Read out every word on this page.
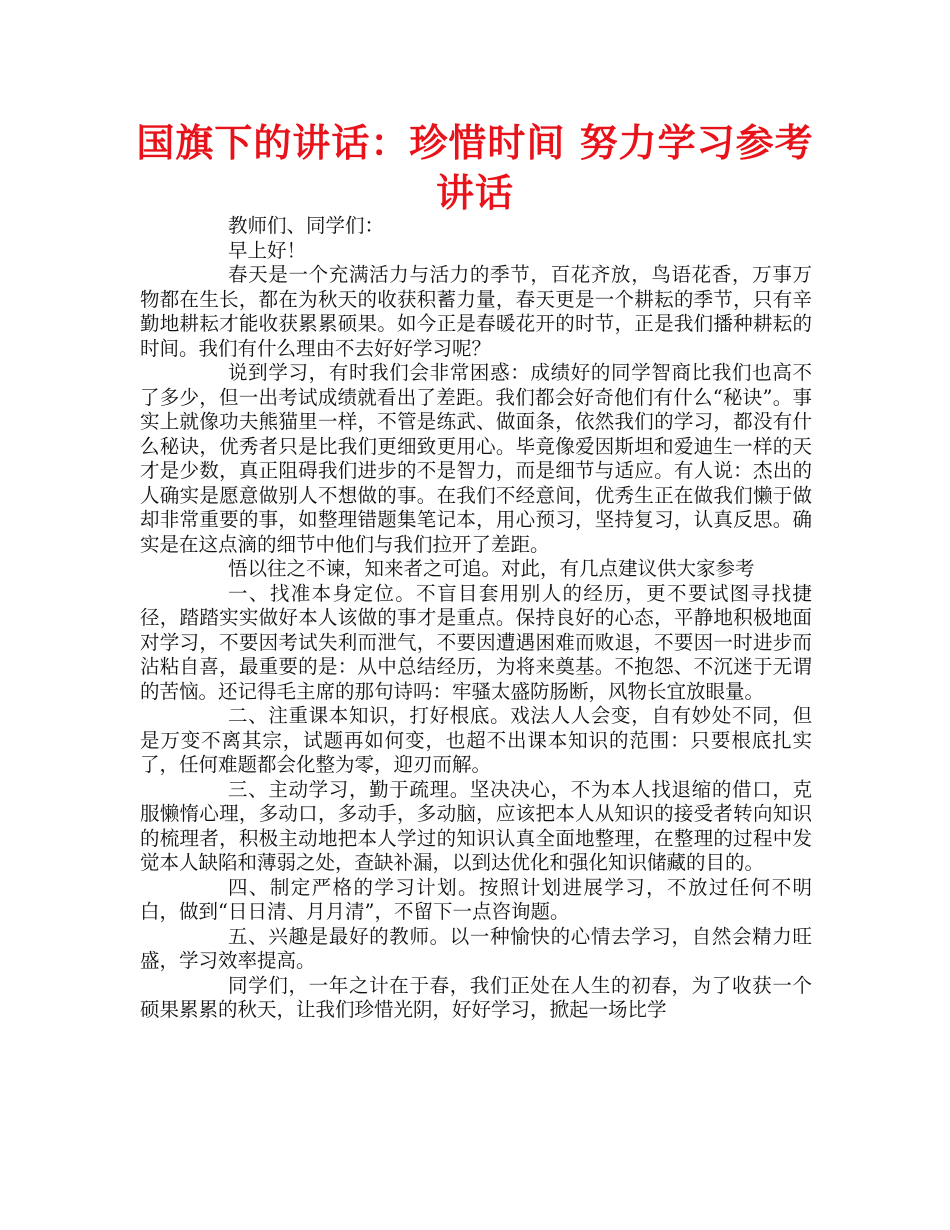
国旗下的讲话：珍惜时间 努力学习参考讲话

教师们、同学们：

早上好！

春天是一个充满活力与活力的季节，百花齐放，鸟语花香，万事万物都在生长，都在为秋天的收获积蓄力量，春天更是一个耕耘的季节，只有辛勤地耕耘才能收获累累硕果。如今正是春暖花开的时节，正是我们播种耕耘的时间。我们有什么理由不去好好学习呢？

说到学习，有时我们会非常困惑：成绩好的同学智商比我们也高不了多少，但一出考试成绩就看出了差距。我们都会好奇他们有什么“秘诀”。事实上就像功夫熊猫里一样，不管是练武、做面条，依然我们的学习，都没有什么秘诀，优秀者只是比我们更细致更用心。毕竟像爱因斯坦和爱迪生一样的天才是少数，真正阻碍我们进步的不是智力，而是细节与适应。有人说：杰出的人确实是愿意做别人不想做的事。在我们不经意间，优秀生正在做我们懒于做却非常重要的事，如整理错题集笔记本，用心预习，坚持复习，认真反思。确实是在这点滴的细节中他们与我们拉开了差距。

悟以往之不谏，知来者之可追。对此，有几点建议供大家参考

一、找准本身定位。不盲目套用别人的经历，更不要试图寻找捷径，踏踏实实做好本人该做的事才是重点。保持良好的心态，平静地积极地面对学习，不要因考试失利而泄气，不要因遭遇困难而败退，不要因一时进步而沾粘自喜，最重要的是：从中总结经历，为将来奠基。不抱怨、不沉迷于无谓的苦恼。还记得毛主席的那句诗吗：牢骚太盛防肠断，风物长宜放眼量。

二、注重课本知识，打好根底。戏法人人会变，自有妙处不同，但是万变不离其宗，试题再如何变，也超不出课本知识的范围：只要根底扎实了，任何难题都会化整为零，迎刃而解。

三、主动学习，勤于疏理。坚决决心，不为本人找退缩的借口，克服懒惰心理，多动口，多动手，多动脑，应该把本人从知识的接受者转向知识的梳理者，积极主动地把本人学过的知识认真全面地整理，在整理的过程中发觉本人缺陷和薄弱之处，查缺补漏，以到达优化和强化知识储藏的目的。

四、制定严格的学习计划。按照计划进展学习，不放过任何不明白，做到“日日清、月月清”，不留下一点咨询题。

五、兴趣是最好的教师。以一种愉快的心情去学习，自然会精力旺盛，学习效率提高。

同学们，一年之计在于春，我们正处在人生的初春，为了收获一个硕果累累的秋天，让我们珍惜光阴，好好学习，掀起一场比学
